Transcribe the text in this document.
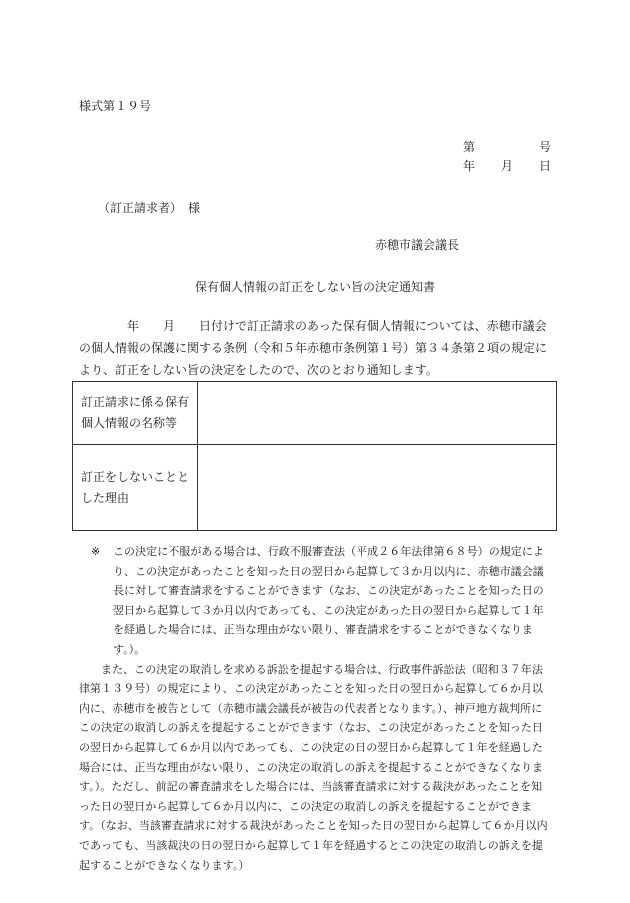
様式第１９号
第	号
年 月 日
（訂正請求者）　様
赤穂市議会議長
保有個人情報の訂正をしない旨の決定通知書

年　　月　　日付けで訂正請求のあった保有個人情報については、赤穂市議会の個人情報の保護に関する条例（令和５年赤穂市条例第１号）第３４条第２項の規定により、訂正をしない旨の決定をしたので、次のとおり通知します。

訂正請求に係る保有個人情報の名称等	
訂正をしないこととした理由	
※	この決定に不服がある場合は、行政不服審査法（平成２６年法律第６８号）の規定により、この決定があったことを知った日の翌日から起算して３か月以内に、赤穂市議会議長に対して審査請求をすることができます（なお、この決定があったことを知った日の翌日から起算して３か月以内であっても、この決定があった日の翌日から起算して１年を経過した場合には、正当な理由がない限り、審査請求をすることができなくなります。）。

また、この決定の取消しを求める訴訟を提起する場合は、行政事件訴訟法（昭和３７年法律第１３９号）の規定により、この決定があったことを知った日の翌日から起算して６か月以内に、赤穂市を被告として（赤穂市議会議長が被告の代表者となります。）、神戸地方裁判所にこの決定の取消しの訴えを提起することができます（なお、この決定があったことを知った日の翌日から起算して６か月以内であっても、この決定の日の翌日から起算して１年を経過した場合には、正当な理由がない限り、この決定の取消しの訴えを提起することができなくなります。）。ただし、前記の審査請求をした場合には、当該審査請求に対する裁決があったことを知った日の翌日から起算して６か月以内に、この決定の取消しの訴えを提起することができます。（なお、当該審査請求に対する裁決があったことを知った日の翌日から起算して６か月以内であっても、当該裁決の日の翌日から起算して１年を経過するとこの決定の取消しの訴えを提起することができなくなります。）
